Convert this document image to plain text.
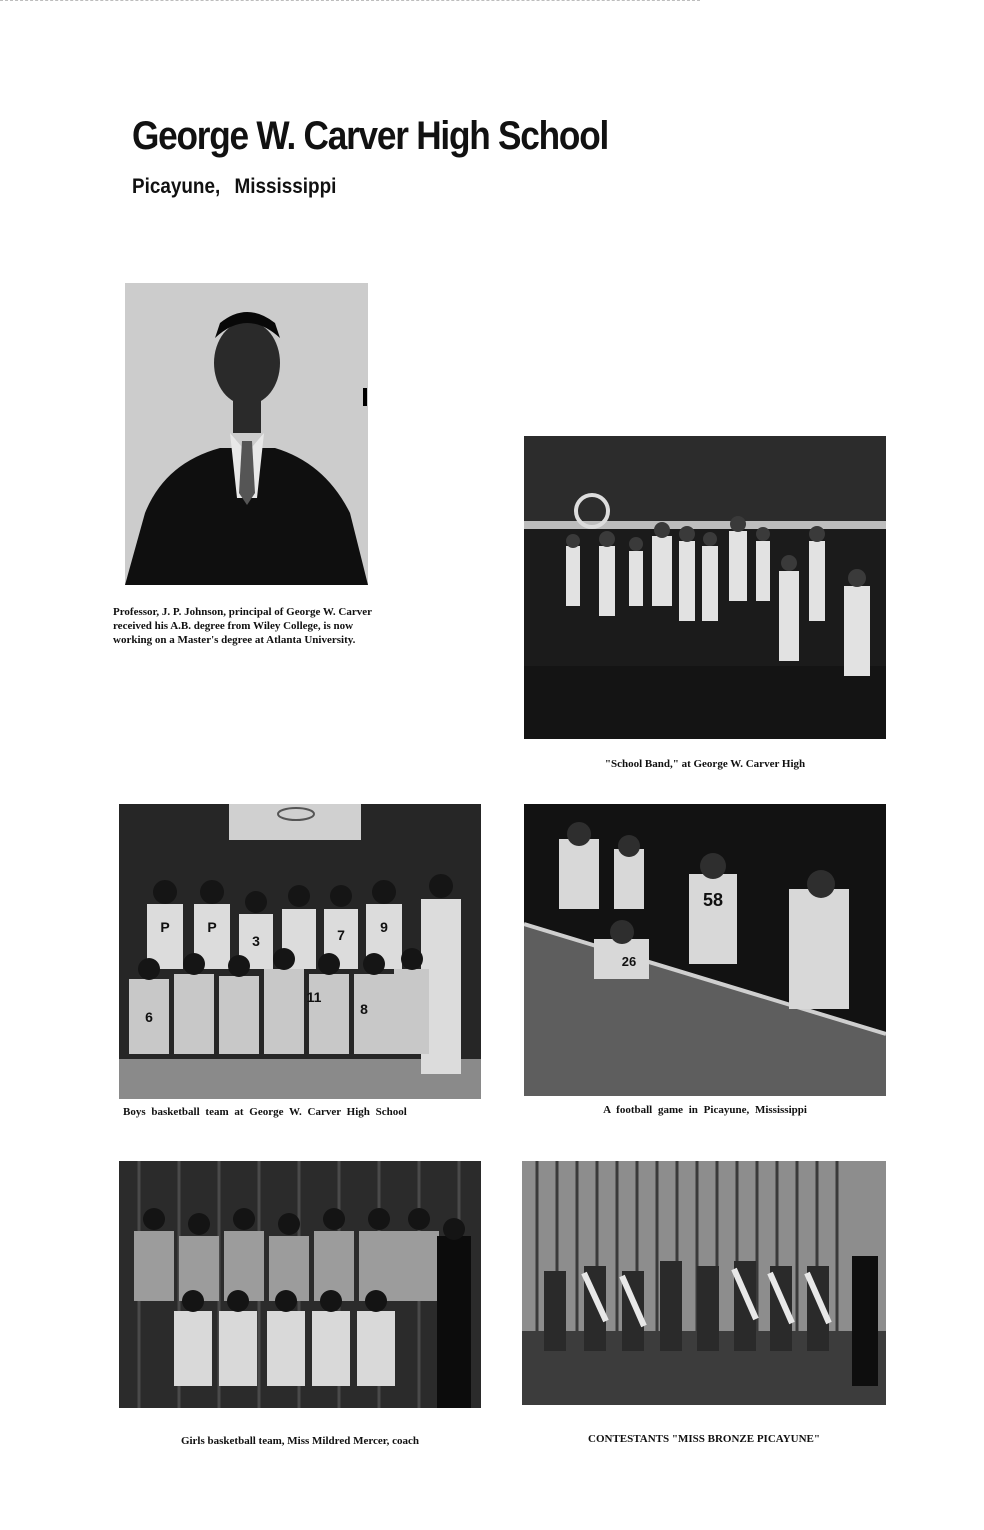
George W. Carver High School
Picayune, Mississippi
Professor, J. P. Johnson, principal of George W. Carver received his A.B. degree from Wiley College, is now working on a Master's degree at Atlanta University.
"School Band," at George W. Carver High
P	P
3	7	9
6
11
8
Boys basketball team at George W. Carver High School
58
26
A football game in Picayune, Mississippi
Girls basketball team, Miss Mildred Mercer, coach	CONTESTANTS "MISS BRONZE PICAYUNE"
